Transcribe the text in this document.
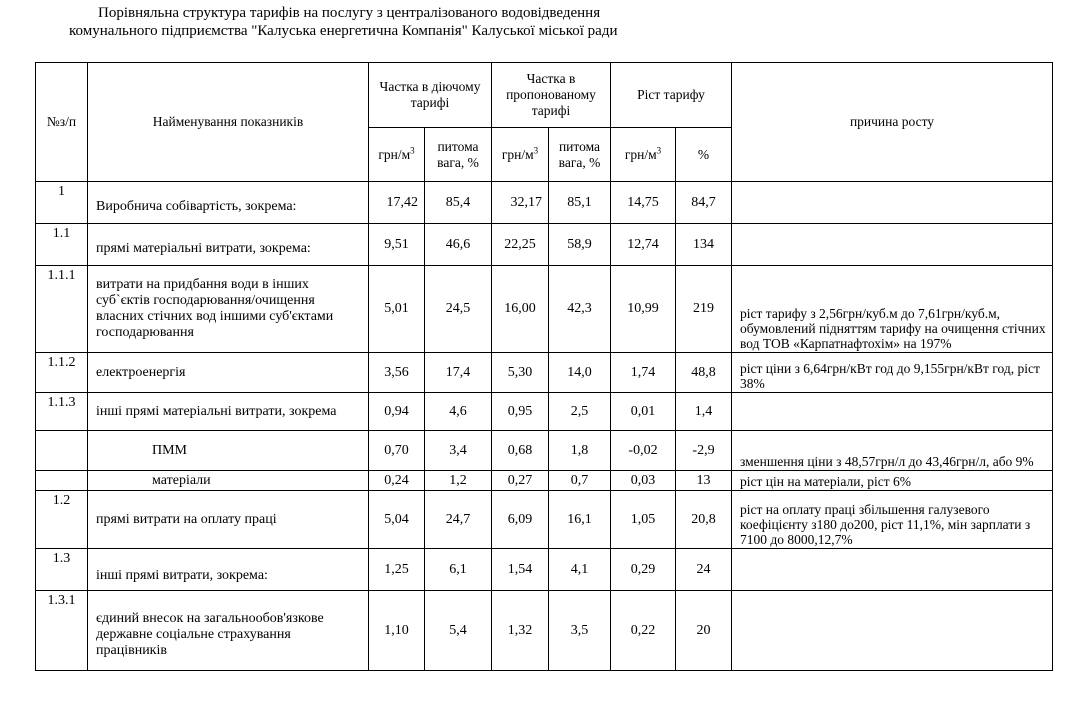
Порівняльна структура тарифів на послугу з централізованого водовідведення
комунального підприємства "Калуська енергетична Компанія" Калуської міської ради
№з/п	Найменування показників	Частка в діючому тарифі		Частка в пропонованому тарифі		Ріст тарифу		причина росту
		грн/$м^3$	питома вага, %	грн/$м^3$	питома вага, %	грн/$м^3$	%	
1	Виробнича собівартість, зокрема:	17,42	85,4	32,17	85,1	14,75	84,7	
1.1	прямі матеріальні витрати, зокрема:	9,51	46,6	22,25	58,9	12,74	134	
1.1.1	витрати на придбання води в інших суб`єктів господарювання/очищення власних стічних вод іншими суб'єктами господарювання	5,01	24,5	16,00	42,3	10,99	219	ріст тарифу з 2,56грн/куб.м до 7,61грн/куб.м, обумовлений підняттям тарифу на очищення стічних вод ТОВ «Карпатнафтохім» на 197%
1.1.2	електроенергія	3,56	17,4	5,30	14,0	1,74	48,8	ріст ціни з 6,64грн/кВт год до 9,155грн/кВт год, ріст 38%
1.1.3	інші прямі матеріальні витрати, зокрема	0,94	4,6	0,95	2,5	0,01	1,4	
	ПММ	0,70	3,4	0,68	1,8	-0,02	-2,9	зменшення ціни з 48,57грн/л до 43,46грн/л, або 9%
	матеріали	0,24	1,2	0,27	0,7	0,03	13	ріст цін на матеріали, ріст 6%
1.2	прямі витрати на оплату праці	5,04	24,7	6,09	16,1	1,05	20,8	ріст на оплату праці збільшення галузевого коефіцієнту з180 до200, ріст 11,1%, мін зарплати з 7100 до 8000,12,7%
1.3	інші прямі витрати, зокрема:	1,25	6,1	1,54	4,1	0,29	24	
1.3.1	єдиний внесок на загальнообов'язкове державне соціальне страхування працівників	1,10	5,4	1,32	3,5	0,22	20	
